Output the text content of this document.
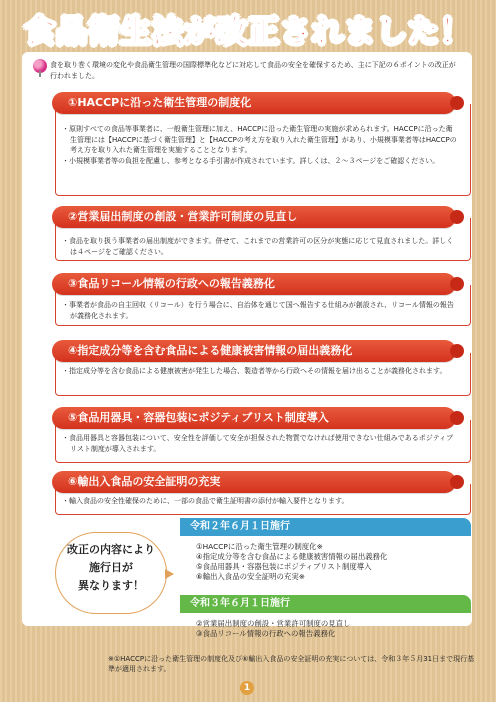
食品衛生法が改正されました！
食を取り巻く環境の変化や食品衛生管理の国際標準化などに対応して食品の安全を確保するため、主に下記の６ポイントの改正が行われました。
①HACCPに沿った衛生管理の制度化

・原則すべての食品等事業者に、一般衛生管理に加え、HACCPに沿った衛生管理の実施が求められます。HACCPに沿った衛生管理には【HACCPに基づく衛生管理】と【HACCPの考え方を取り入れた衛生管理】があり、小規模事業者等はHACCPの考え方を取り入れた衛生管理を実施することとなります。

・小規模事業者等の負担を配慮し、参考となる手引書が作成されています。詳しくは、２〜３ページをご確認ください。

②営業届出制度の創設・営業許可制度の見直し

・食品を取り扱う事業者の届出制度ができます。併せて、これまでの営業許可の区分が実態に応じて見直されました。詳しくは４ページをご確認ください。

③食品リコール情報の行政への報告義務化

・事業者が食品の自主回収（リコール）を行う場合に、自治体を通じて国へ報告する仕組みが創設され、リコール情報の報告が義務化されます。

④指定成分等を含む食品による健康被害情報の届出義務化

・指定成分等を含む食品による健康被害が発生した場合、製造者等から行政へその情報を届け出ることが義務化されます。

⑤食品用器具・容器包装にポジティブリスト制度導入

・食品用器具と容器包装について、安全性を評価して安全が担保された物質でなければ使用できない仕組みであるポジティブリスト制度が導入されます。

⑥輸出入食品の安全証明の充実

・輸入食品の安全性確保のために、一部の食品で衛生証明書の添付が輸入要件となります。

改正の内容により
施行日が
異なります！
令和２年６月１日施行

①HACCPに沿った衛生管理の制度化※

④指定成分等を含む食品による健康被害情報の届出義務化

⑤食品用器具・容器包装にポジティブリスト制度導入

⑥輸出入食品の安全証明の充実※

令和３年６月１日施行

②営業届出制度の創設・営業許可制度の見直し

③食品リコール情報の行政への報告義務化

※①HACCPに沿った衛生管理の制度化及び⑥輸出入食品の安全証明の充実については、令和３年５月31日まで現行基準が適用されます。
1
